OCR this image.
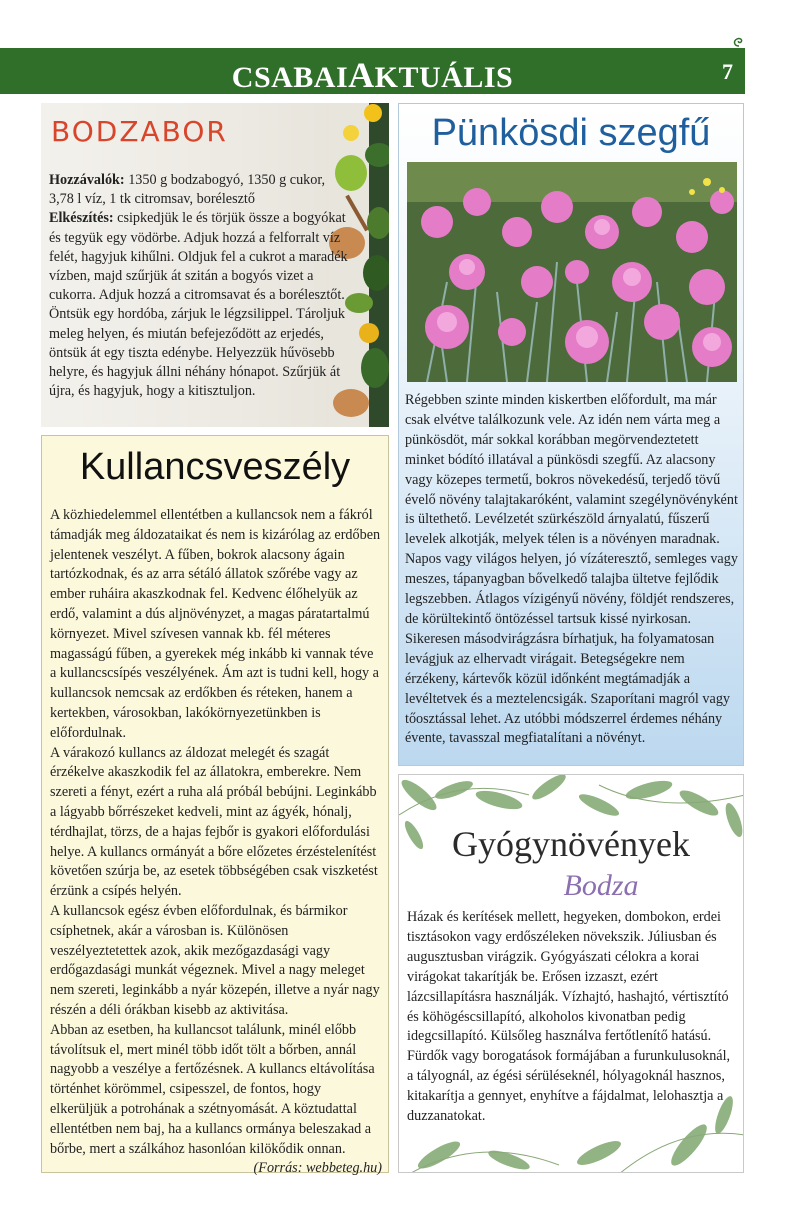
CSABAIAKTUÁLIS	7
BODZABOR
Hozzávalók: 1350 g bodzabogyó, 1350 g cukor, 3,78 l víz, 1 tk citromsav, borélesztő
Elkészítés: csipkedjük le és törjük össze a bogyókat és tegyük egy vödörbe. Adjuk hozzá a felforralt víz felét, hagyjuk kihűlni. Oldjuk fel a cukrot a maradék vízben, majd szűrjük át szitán a bogyós vizet a cukorra. Adjuk hozzá a citromsavat és a borélesztőt. Öntsük egy hordóba, zárjuk le légzsilippel. Tároljuk meleg helyen, és miután befejeződött az erjedés, öntsük át egy tiszta edénybe. Helyezzük hűvösebb helyre, és hagyjuk állni néhány hónapot. Szűrjük át újra, és hagyjuk, hogy a kitisztuljon.
Kullancsveszély
A közhiedelemmel ellentétben a kullancsok nem a fákról támadják meg áldozataikat és nem is kizárólag az erdőben jelentenek veszélyt. A fűben, bokrok alacsony ágain tartózkodnak, és az arra sétáló állatok szőrébe vagy az ember ruháira akaszkodnak fel. Kedvenc élőhelyük az erdő, valamint a dús aljnövényzet, a magas páratartalmú környezet. Mivel szívesen vannak kb. fél méteres magasságú fűben, a gyerekek még inkább ki vannak téve a kullancscsípés veszélyének. Ám azt is tudni kell, hogy a kullancsok nemcsak az erdőkben és réteken, hanem a kertekben, városokban, lakókörnyezetünkben is előfordulnak.
A várakozó kullancs az áldozat melegét és szagát érzékelve akaszkodik fel az állatokra, emberekre. Nem szereti a fényt, ezért a ruha alá próbál bebújni. Leginkább a lágyabb bőrrészeket kedveli, mint az ágyék, hónalj, térdhajlat, törzs, de a hajas fejbőr is gyakori előfordulási helye. A kullancs ormányát a bőre előzetes érzéstelenítést követően szúrja be, az esetek többségében csak viszketést érzünk a csípés helyén.
A kullancsok egész évben előfordulnak, és bármikor csíphetnek, akár a városban is. Különösen veszélyeztetettek azok, akik mezőgazdasági vagy erdőgazdasági munkát végeznek. Mivel a nagy meleget nem szereti, leginkább a nyár közepén, illetve a nyár nagy részén a déli órákban kisebb az aktivitása.
Abban az esetben, ha kullancsot találunk, minél előbb távolítsuk el, mert minél több időt tölt a bőrben, annál nagyobb a veszélye a fertőzésnek. A kullancs eltávolítása történhet körömmel, csipesszel, de fontos, hogy elkerüljük a potrohának a szétnyomását. A köztudattal ellentétben nem baj, ha a kullancs ormánya beleszakad a bőrbe, mert a szálkához hasonlóan kilökődik onnan.
(Forrás: webbeteg.hu)
Pünkösdi szegfű
Régebben szinte minden kiskertben előfordult, ma már csak elvétve találkozunk vele. Az idén nem várta meg a pünkösdöt, már sokkal korábban megörvendeztetett minket bódító illatával a pünkösdi szegfű. Az alacsony vagy közepes termetű, bokros növekedésű, terjedő tövű évelő növény talajtakaróként, valamint szegélynövényként is ültethető. Levélzetét szürkészöld árnyalatú, fűszerű levelek alkotják, melyek télen is a növényen maradnak. Napos vagy világos helyen, jó vízáteresztő, semleges vagy meszes, tápanyagban bővelkedő talajba ültetve fejlődik legszebben. Átlagos vízigényű növény, földjét rendszeres, de körültekintő öntözéssel tartsuk kissé nyirkosan. Sikeresen másodvirágzásra bírhatjuk, ha folyamatosan levágjuk az elhervadt virágait. Betegségekre nem érzékeny, kártevők közül időnként megtámadják a levéltetvek és a meztelencsigák. Szaporítani magról vagy tőosztással lehet. Az utóbbi módszerrel érdemes néhány évente, tavasszal megfiatalítani a növényt.
Gyógynövények
Bodza
Házak és kerítések mellett, hegyeken, dombokon, erdei tisztásokon vagy erdőszéleken növekszik. Júliusban és augusztusban virágzik. Gyógyászati célokra a korai virágokat takarítják be. Erősen izzaszt, ezért lázcsillapításra használják. Vízhajtó, hashajtó, vértisztító és köhögéscsillapító, alkoholos kivonatban pedig idegcsillapító. Külsőleg használva fertőtlenítő hatású. Fürdők vagy borogatások formájában a furunkulusoknál, a tályognál, az égési sérüléseknél, hólyagoknál hasznos, kitakarítja a gennyet, enyhítve a fájdalmat, lelohasztja a duzzanatokat.
